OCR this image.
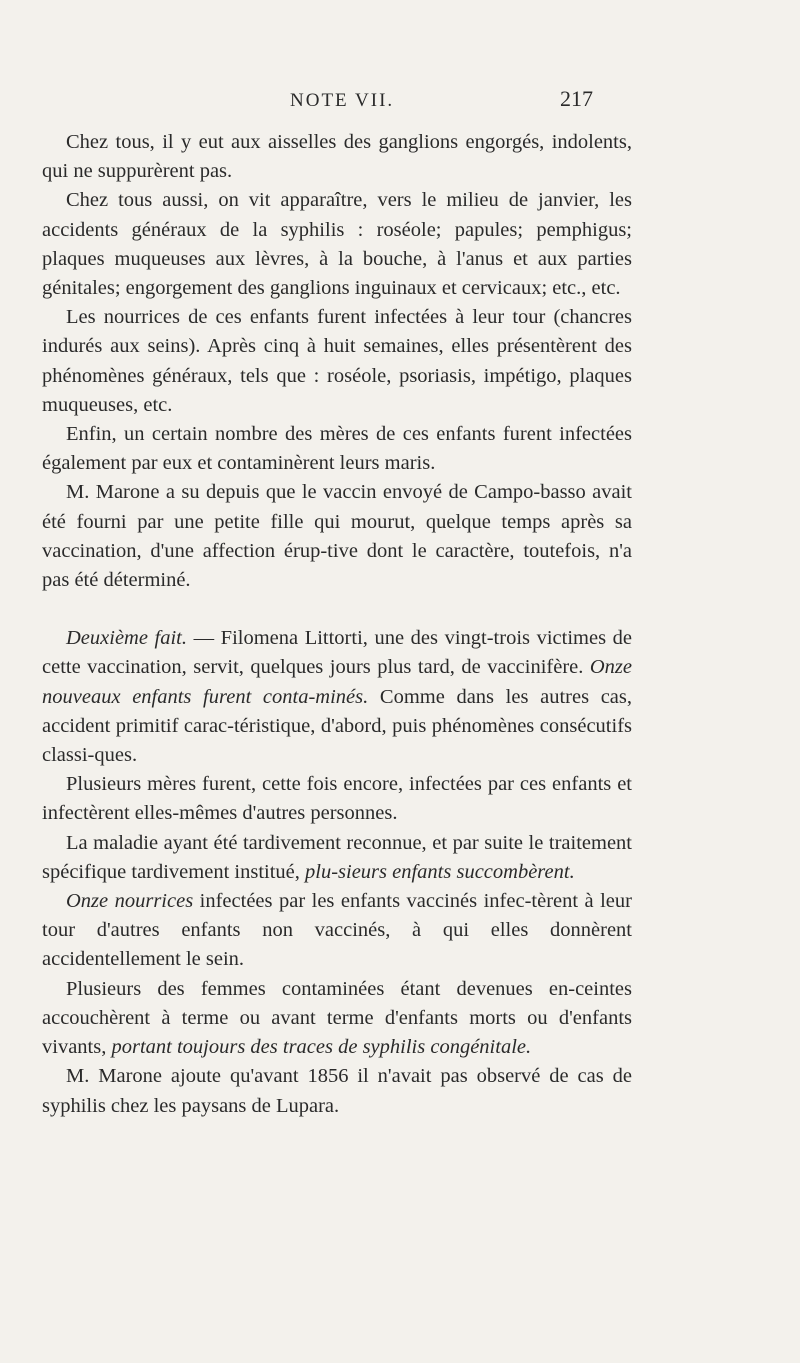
NOTE VII.	217

Chez tous, il y eut aux aisselles des ganglions engorgés, indolents, qui ne suppurèrent pas.

Chez tous aussi, on vit apparaître, vers le milieu de janvier, les accidents généraux de la syphilis : roséole; papules; pemphigus; plaques muqueuses aux lèvres, à la bouche, à l'anus et aux parties génitales; engorgement des ganglions inguinaux et cervicaux; etc., etc.

Les nourrices de ces enfants furent infectées à leur tour (chancres indurés aux seins). Après cinq à huit semaines, elles présentèrent des phénomènes généraux, tels que : roséole, psoriasis, impétigo, plaques muqueuses, etc.

Enfin, un certain nombre des mères de ces enfants furent infectées également par eux et contaminèrent leurs maris.

M. Marone a su depuis que le vaccin envoyé de Campo-basso avait été fourni par une petite fille qui mourut, quelque temps après sa vaccination, d'une affection érup-tive dont le caractère, toutefois, n'a pas été déterminé.

Deuxième fait. — Filomena Littorti, une des vingt-trois victimes de cette vaccination, servit, quelques jours plus tard, de vaccinifère. Onze nouveaux enfants furent conta-minés. Comme dans les autres cas, accident primitif carac-téristique, d'abord, puis phénomènes consécutifs classi-ques.

Plusieurs mères furent, cette fois encore, infectées par ces enfants et infectèrent elles-mêmes d'autres personnes.

La maladie ayant été tardivement reconnue, et par suite le traitement spécifique tardivement institué, plu-sieurs enfants succombèrent.

Onze nourrices infectées par les enfants vaccinés infec-tèrent à leur tour d'autres enfants non vaccinés, à qui elles donnèrent accidentellement le sein.

Plusieurs des femmes contaminées étant devenues en-ceintes accouchèrent à terme ou avant terme d'enfants morts ou d'enfants vivants, portant toujours des traces de syphilis congénitale.

M. Marone ajoute qu'avant 1856 il n'avait pas observé de cas de syphilis chez les paysans de Lupara.
